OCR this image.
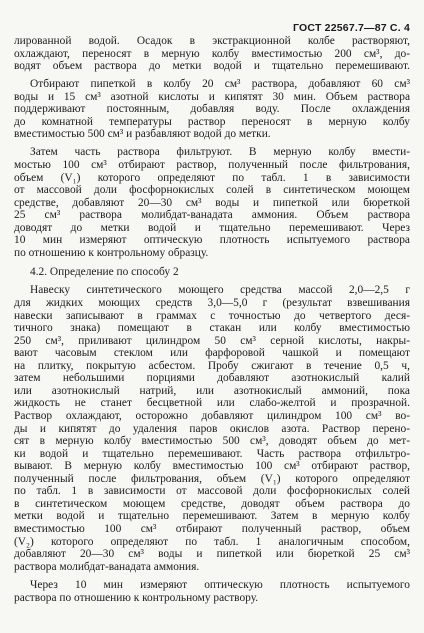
ГОСТ 22567.7—87 С. 4
лированной водой. Осадок в экстракционной колбе растворяют,
охлаждают, переносят в мерную колбу вместимостью 200 см³, до-
водят объем раствора до метки водой и тщательно перемешивают.
Отбирают пипеткой в колбу 20 см³ раствора, добавляют 60 см³
воды и 15 см³ азотной кислоты и кипятят 30 мин. Объем раствора
поддерживают постоянным, добавляя воду. После охлаждения
до комнатной температуры раствор переносят в мерную колбу
вместимостью 500 см³ и разбавляют водой до метки.
Затем часть раствора фильтруют. В мерную колбу вмести-
мостью 100 см³ отбирают раствор, полученный после фильтрования,
объем (V₁) которого определяют по табл. 1 в зависимости
от массовой доли фосфорнокислых солей в синтетическом моющем
средстве, добавляют 20—30 см³ воды и пипеткой или бюреткой
25 см³ раствора молибдат-ванадата аммония. Объем раствора
доводят до метки водой и тщательно перемешивают. Через
10 мин измеряют оптическую плотность испытуемого раствора
по отношению к контрольному образцу.
4.2. Определение по способу 2
Навеску синтетического моющего средства массой 2,0—2,5 г
для жидких моющих средств 3,0—5,0 г (результат взвешивания
навески записывают в граммах с точностью до четвертого деся-
тичного знака) помещают в стакан или колбу вместимостью
250 см³, приливают цилиндром 50 см³ серной кислоты, накры-
вают часовым стеклом или фарфоровой чашкой и помещают
на плитку, покрытую асбестом. Пробу сжигают в течение 0,5 ч,
затем небольшими порциями добавляют азотнокислый калий
или азотнокислый натрий, или азотнокислый аммоний, пока
жидкость не станет бесцветной или слабо-желтой и прозрачной.
Раствор охлаждают, осторожно добавляют цилиндром 100 см³ во-
ды и кипятят до удаления паров окислов азота. Раствор перено-
сят в мерную колбу вместимостью 500 см³, доводят объем до мет-
ки водой и тщательно перемешивают. Часть раствора отфильтро-
вывают. В мерную колбу вместимостью 100 см³ отбирают раствор,
полученный после фильтрования, объем (V₁) которого определяют
по табл. 1 в зависимости от массовой доли фосфорнокислых солей
в синтетическом моющем средстве, доводят объем раствора до
метки водой и тщательно перемешивают. Затем в мерную колбу
вместимостью 100 см³ отбирают полученный раствор, объем
(V₂) которого определяют по табл. 1 аналогичным способом,
добавляют 20—30 см³ воды и пипеткой или бюреткой 25 см³
раствора молибдат-ванадата аммония.
Через 10 мин измеряют оптическую плотность испытуемого
раствора по отношению к контрольному раствору.
